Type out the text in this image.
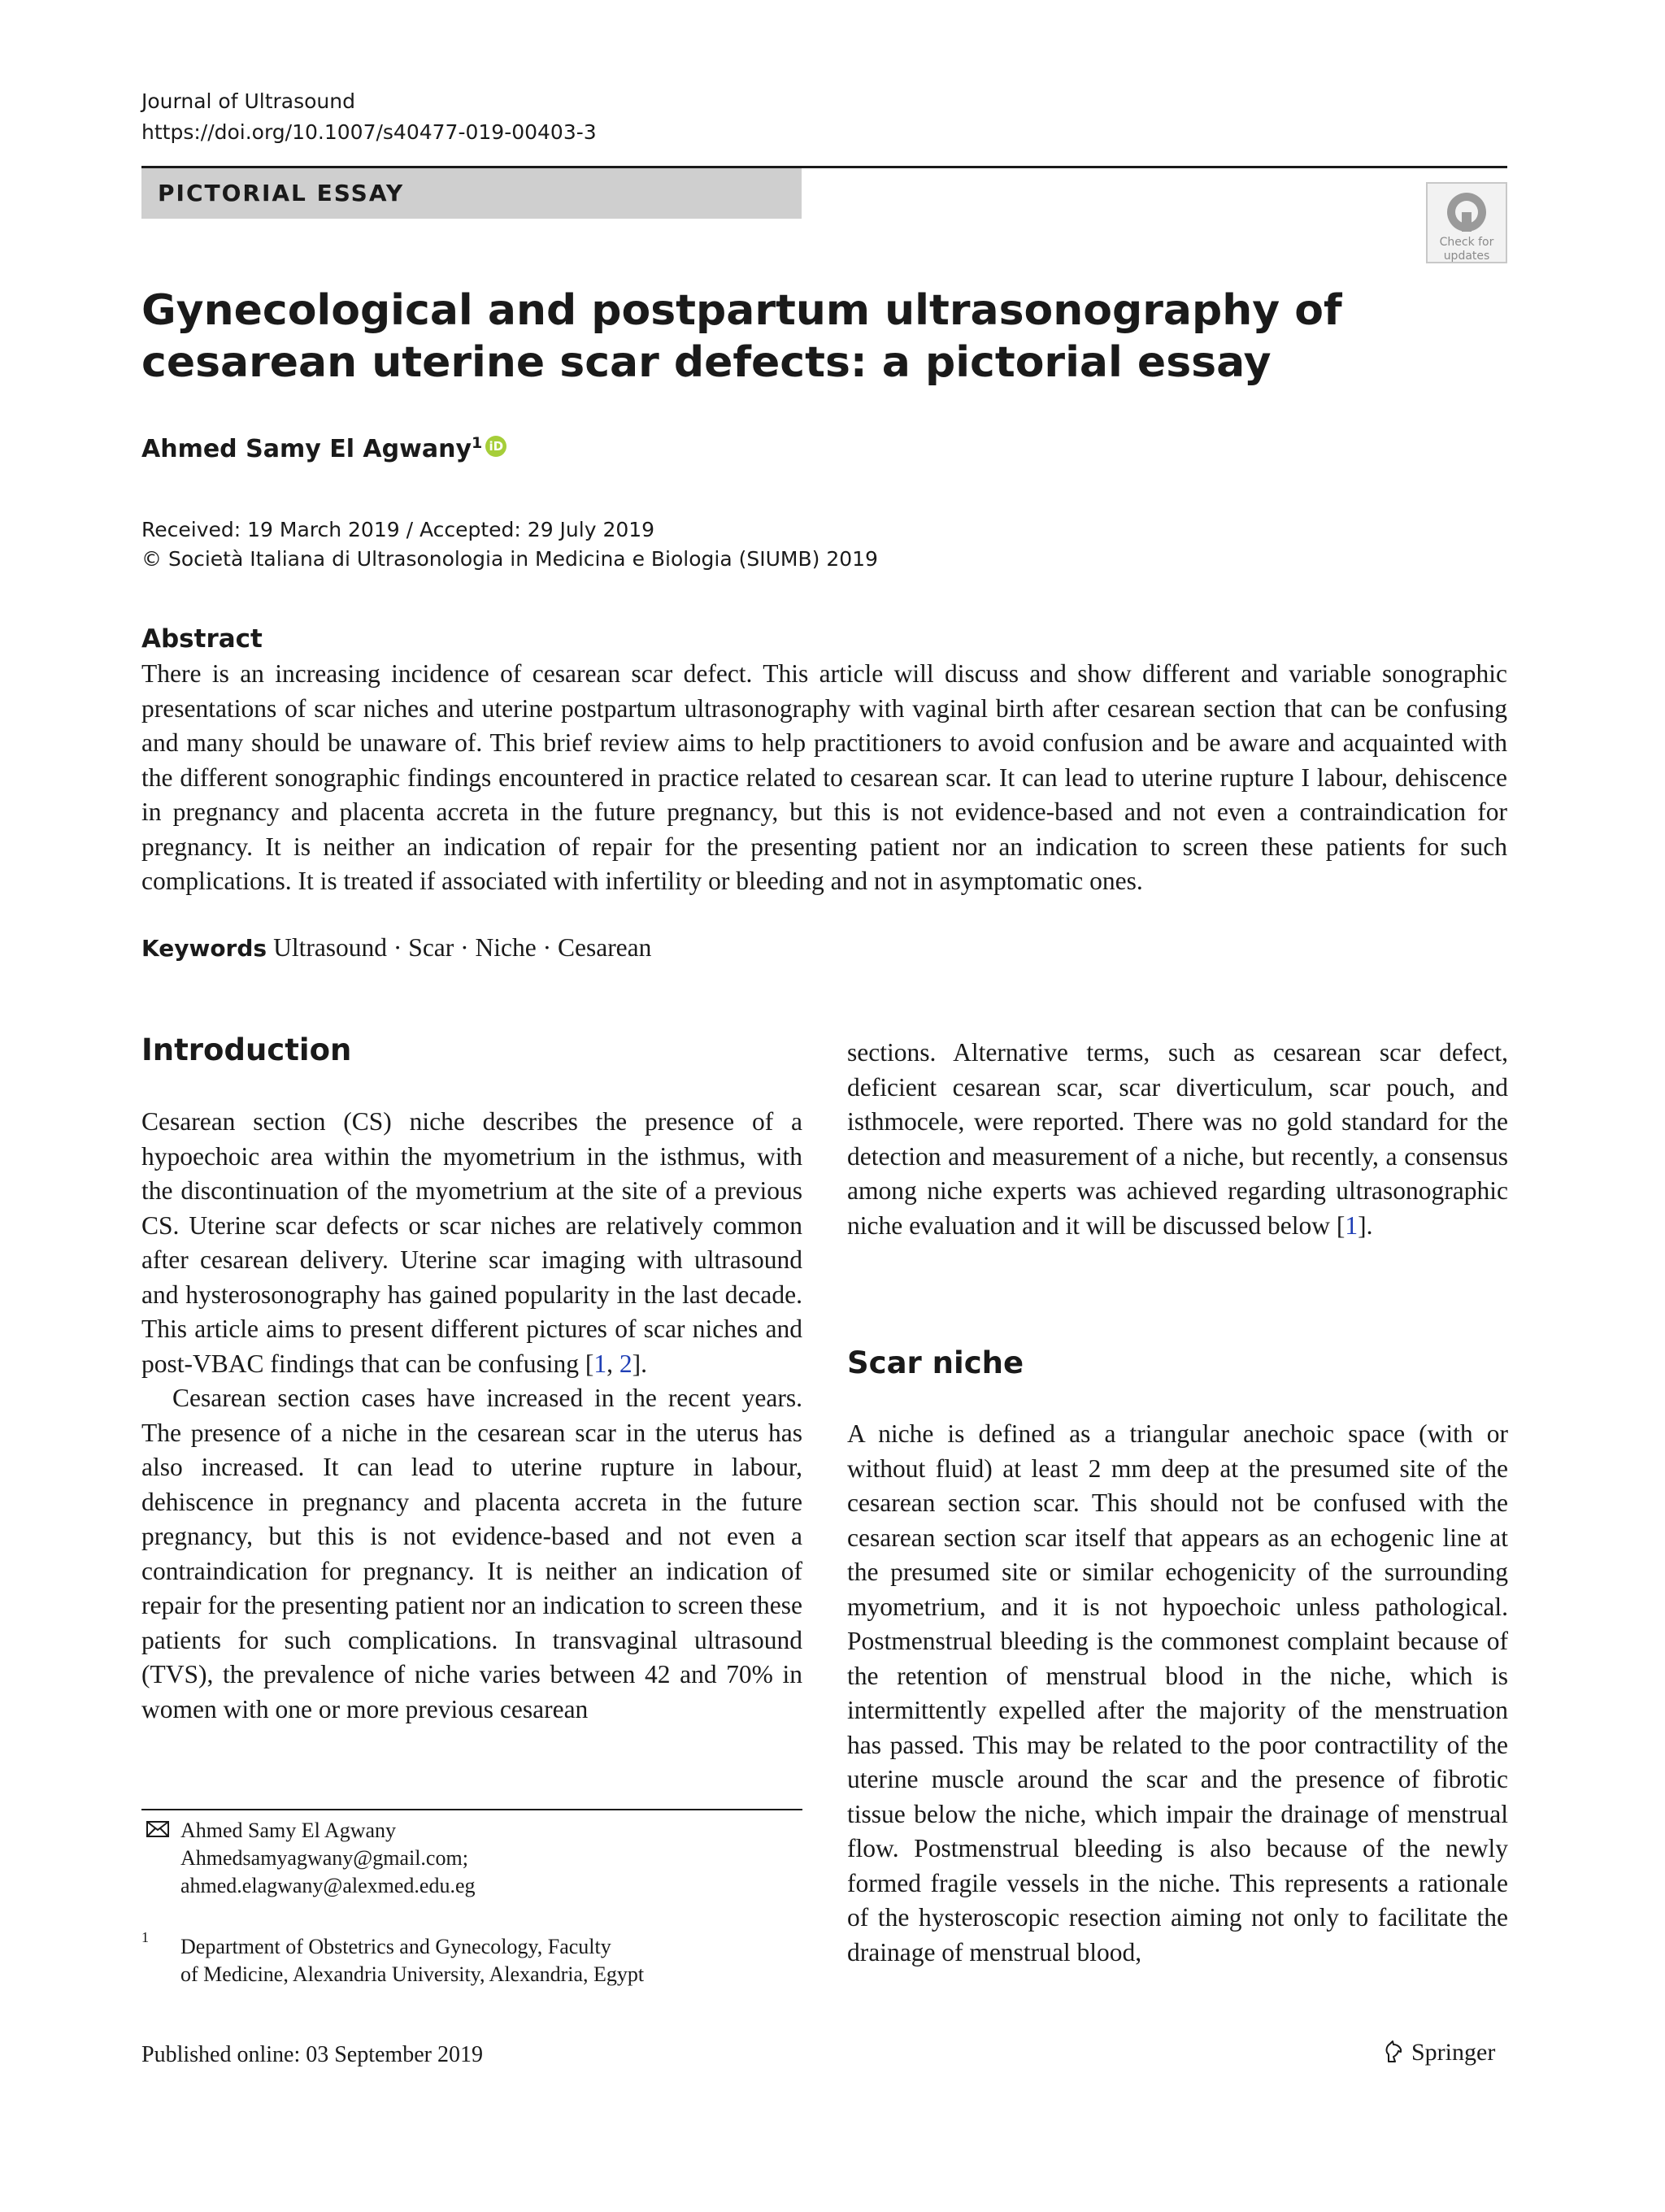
Journal of Ultrasound
https://doi.org/10.1007/s40477-019-00403-3
PICTORIAL ESSAY
Check for
updates
Gynecological and postpartum ultrasonography of cesarean uterine scar defects: a pictorial essay
Ahmed Samy El Agwany$^1$ iD
Received: 19 March 2019 / Accepted: 29 July 2019
© Società Italiana di Ultrasonologia in Medicina e Biologia (SIUMB) 2019
Abstract

There is an increasing incidence of cesarean scar defect. This article will discuss and show different and variable sonographic presentations of scar niches and uterine postpartum ultrasonography with vaginal birth after cesarean section that can be confusing and many should be unaware of. This brief review aims to help practitioners to avoid confusion and be aware and acquainted with the different sonographic findings encountered in practice related to cesarean scar. It can lead to uterine rupture I labour, dehiscence in pregnancy and placenta accreta in the future pregnancy, but this is not evidence-based and not even a contraindication for pregnancy. It is neither an indication of repair for the presenting patient nor an indication to screen these patients for such complications. It is treated if associated with infertility or bleeding and not in asymptomatic ones.

Keywords Ultrasound · Scar · Niche · Cesarean
Introduction

Cesarean section (CS) niche describes the presence of a hypoechoic area within the myometrium in the isthmus, with the discontinuation of the myometrium at the site of a previous CS. Uterine scar defects or scar niches are relatively common after cesarean delivery. Uterine scar imaging with ultrasound and hysterosonography has gained popularity in the last decade. This article aims to present different pictures of scar niches and post-VBAC findings that can be confusing [1, 2].

Cesarean section cases have increased in the recent years. The presence of a niche in the cesarean scar in the uterus has also increased. It can lead to uterine rupture in labour, dehiscence in pregnancy and placenta accreta in the future pregnancy, but this is not evidence-based and not even a contraindication for pregnancy. It is neither an indication of repair for the presenting patient nor an indication to screen these patients for such complications. In transvaginal ultrasound (TVS), the prevalence of niche varies between 42 and 70% in women with one or more previous cesarean

sections. Alternative terms, such as cesarean scar defect, deficient cesarean scar, scar diverticulum, scar pouch, and isthmocele, were reported. There was no gold standard for the detection and measurement of a niche, but recently, a consensus among niche experts was achieved regarding ultrasonographic niche evaluation and it will be discussed below [1].

Scar niche

A niche is defined as a triangular anechoic space (with or without fluid) at least 2 mm deep at the presumed site of the cesarean section scar. This should not be confused with the cesarean section scar itself that appears as an echogenic line at the presumed site or similar echogenicity of the surrounding myometrium, and it is not hypoechoic unless pathological. Postmenstrual bleeding is the commonest complaint because of the retention of menstrual blood in the niche, which is intermittently expelled after the majority of the menstruation has passed. This may be related to the poor contractility of the uterine muscle around the scar and the presence of fibrotic tissue below the niche, which impair the drainage of menstrual flow. Postmenstrual bleeding is also because of the newly formed fragile vessels in the niche. This represents a rationale of the hysteroscopic resection aiming not only to facilitate the drainage of menstrual blood,

Ahmed Samy El Agwany
Ahmedsamyagwany@gmail.com;
ahmed.elagwany@alexmed.edu.eg
1 Department of Obstetrics and Gynecology, Faculty
of Medicine, Alexandria University, Alexandria, Egypt
Published online: 03 September 2019	Springer
